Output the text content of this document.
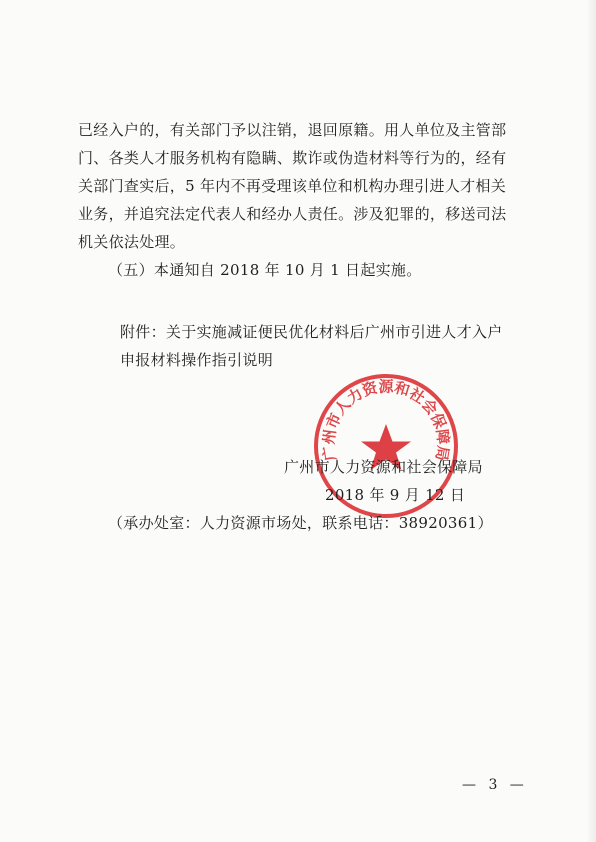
已经入户的，有关部门予以注销，退回原籍。用人单位及主管部
门、各类人才服务机构有隐瞒、欺诈或伪造材料等行为的，经有
关部门查实后，5 年内不再受理该单位和机构办理引进人才相关
业务，并追究法定代表人和经办人责任。涉及犯罪的，移送司法
机关依法处理。
（五）本通知自 2018 年 10 月 1 日起实施。
附件：关于实施减证便民优化材料后广州市引进人才入户
申报材料操作指引说明
广州市人力资源和社会保障局
广州市人力资源和社会保障局
2018 年 9 月 12 日
（承办处室：人力资源市场处，联系电话：38920361）
— 3 —
